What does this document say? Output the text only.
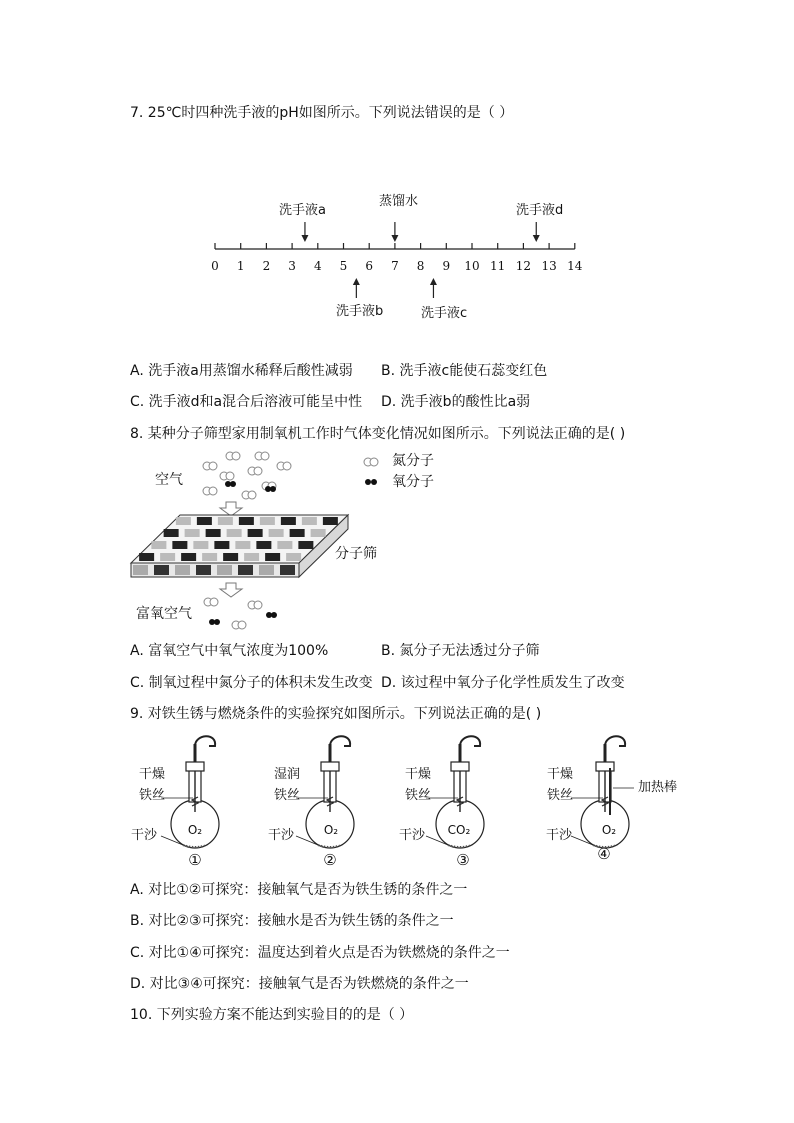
7. 25℃时四种洗手液的pH如图所示。下列说法错误的是（ ）
洗手液a
蒸馏水
洗手液d
洗手液b	洗手液c
0	1	2	3	4	5	6	7	8	9	10 11 12 13 14
A. 洗手液a用蒸馏水稀释后酸性减弱 B. 洗手液c能使石蕊变红色
C. 洗手液d和a混合后溶液可能呈中性 D. 洗手液b的酸性比a弱
8. 某种分子筛型家用制氧机工作时气体变化情况如图所示。下列说法正确的是( )
空气
氮分子
氧分子
分子筛
富氧空气
A. 富氧空气中氧气浓度为100%	B. 氮分子无法透过分子筛
C. 制氧过程中氮分子的体积未发生改变 D. 该过程中氧分子化学性质发生了改变
9. 对铁生锈与燃烧条件的实验探究如图所示。下列说法正确的是( )
干燥
铁丝
干沙	O₂
①
湿润
铁丝
干沙	O₂
②
干燥
铁丝
干沙	CO₂
③
干燥
铁丝
干沙	O₂
④
加热棒
A. 对比①②可探究：接触氧气是否为铁生锈的条件之一
B. 对比②③可探究：接触水是否为铁生锈的条件之一
C. 对比①④可探究：温度达到着火点是否为铁燃烧的条件之一
D. 对比③④可探究：接触氧气是否为铁燃烧的条件之一
10. 下列实验方案不能达到实验目的的是（ ）
